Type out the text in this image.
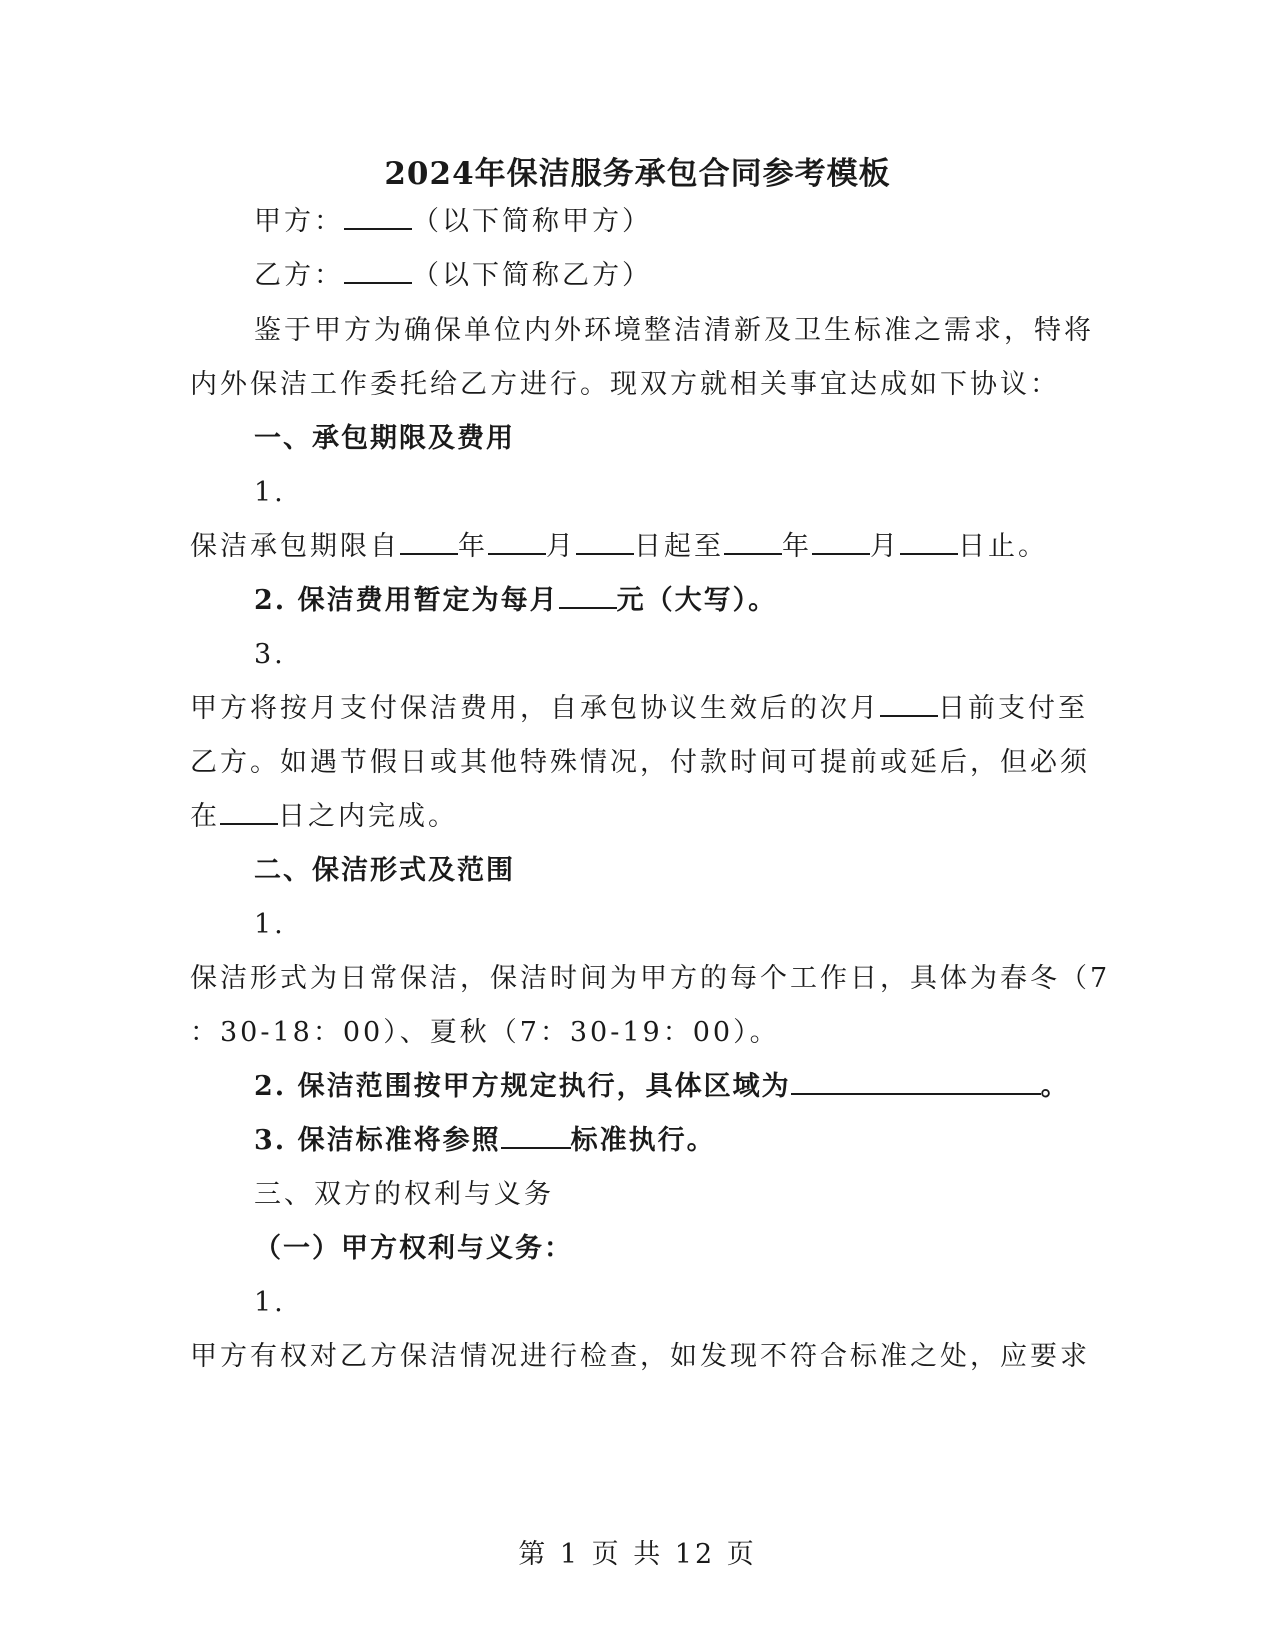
2024年保洁服务承包合同参考模板
甲方：	（以下简称甲方）
乙方：	（以下简称乙方）
鉴于甲方为确保单位内外环境整洁清新及卫生标准之需求，特将
内外保洁工作委托给乙方进行。现双方就相关事宜达成如下协议：
一、承包期限及费用
1.
保洁承包期限自 年 月 日起至 年 月 日止。
2. 保洁费用暂定为每月 元（大写）。
3.
甲方将按月支付保洁费用，自承包协议生效后的次月 日前支付至
乙方。如遇节假日或其他特殊情况，付款时间可提前或延后，但必须
在 日之内完成。
二、保洁形式及范围
1.
保洁形式为日常保洁，保洁时间为甲方的每个工作日，具体为春冬（7
：30-18：00）、夏秋（7：30-19：00）。
2. 保洁范围按甲方规定执行，具体区域为	。
3. 保洁标准将参照	标准执行。
三、双方的权利与义务
（一）甲方权利与义务：
1.
甲方有权对乙方保洁情况进行检查，如发现不符合标准之处，应要求
第 1 页 共 12 页
